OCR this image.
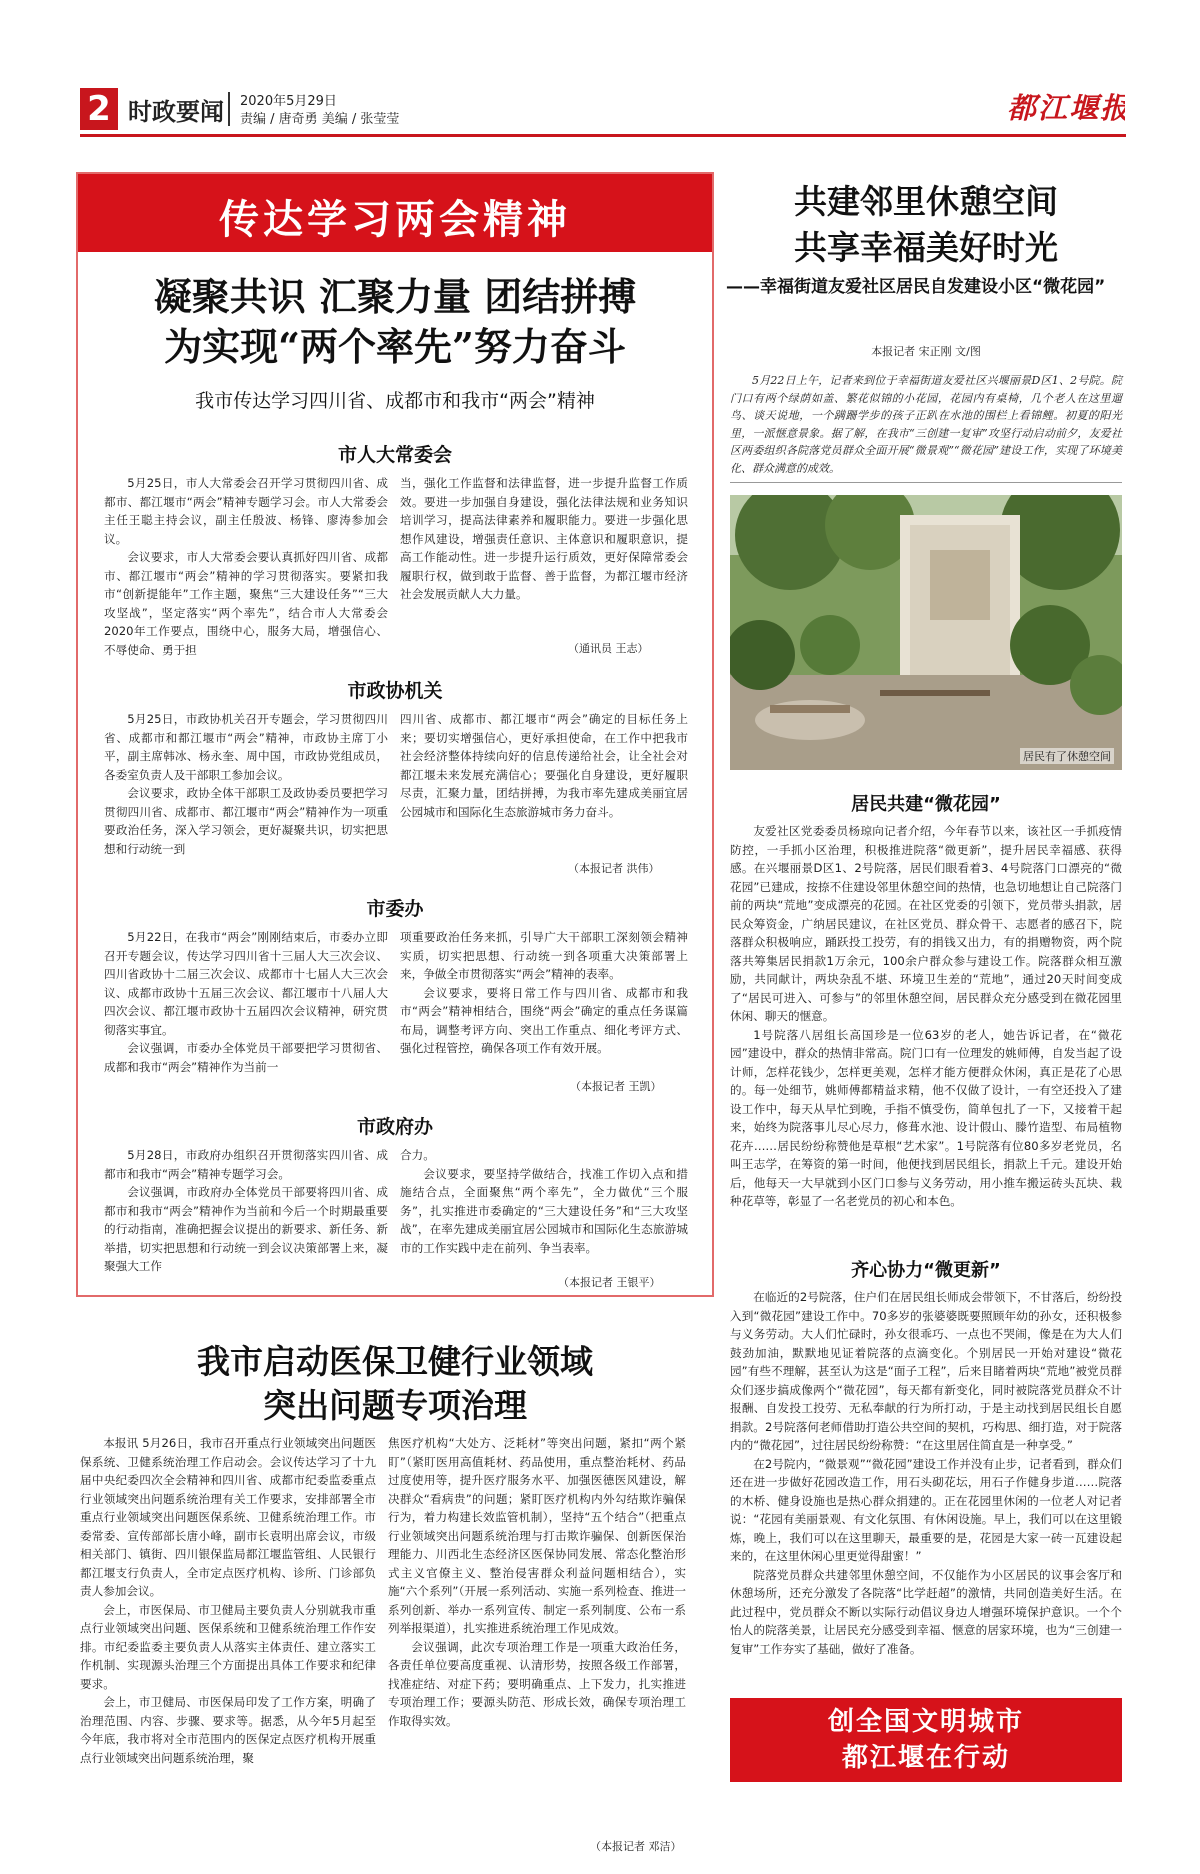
2 时政要闻 2020年5月29日
责编 / 唐奇勇 美编 / 张莹莹	都江堰报
传达学习两会精神
凝聚共识 汇聚力量 团结拼搏
为实现“两个率先”努力奋斗
我市传达学习四川省、成都市和我市“两会”精神
市人大常委会

5月25日，市人大常委会召开学习贯彻四川省、成都市、都江堰市“两会”精神专题学习会。市人大常委会主任王聪主持会议，副主任殷波、杨锋、廖涛参加会议。

会议要求，市人大常委会要认真抓好四川省、成都市、都江堰市“两会”精神的学习贯彻落实。要紧扣我市“创新提能年”工作主题，聚焦“三大建设任务”“三大攻坚战”，坚定落实“两个率先”，结合市人大常委会2020年工作要点，围绕中心，服务大局，增强信心、不辱使命、勇于担

当，强化工作监督和法律监督，进一步提升监督工作质效。要进一步加强自身建设，强化法律法规和业务知识培训学习，提高法律素养和履职能力。要进一步强化思想作风建设，增强责任意识、主体意识和履职意识，提高工作能动性。进一步提升运行质效，更好保障常委会履职行权，做到敢于监督、善于监督，为都江堰市经济社会发展贡献人大力量。

（通讯员 王志）
市政协机关

5月25日，市政协机关召开专题会，学习贯彻四川省、成都市和都江堰市“两会”精神，市政协主席丁小平，副主席韩冰、杨永奎、周中国，市政协党组成员，各委室负责人及干部职工参加会议。

会议要求，政协全体干部职工及政协委员要把学习贯彻四川省、成都市、都江堰市“两会”精神作为一项重要政治任务，深入学习领会，更好凝聚共识，切实把思想和行动统一到

四川省、成都市、都江堰市“两会”确定的目标任务上来；要切实增强信心，更好承担使命，在工作中把我市社会经济整体持续向好的信息传递给社会，让全社会对都江堰未来发展充满信心；要强化自身建设，更好履职尽责，汇聚力量，团结拼搏，为我市率先建成美丽宜居公园城市和国际化生态旅游城市务力奋斗。

（本报记者 洪伟）
市委办

5月22日，在我市“两会”刚刚结束后，市委办立即召开专题会议，传达学习四川省十三届人大三次会议、四川省政协十二届三次会议、成都市十七届人大三次会议、成都市政协十五届三次会议、都江堰市十八届人大四次会议、都江堰市政协十五届四次会议精神，研究贯彻落实事宜。

会议强调，市委办全体党员干部要把学习贯彻省、成都和我市“两会”精神作为当前一

项重要政治任务来抓，引导广大干部职工深刻领会精神实质，切实把思想、行动统一到各项重大决策部署上来，争做全市贯彻落实“两会”精神的表率。

会议要求，要将日常工作与四川省、成都市和我市“两会”精神相结合，围绕“两会”确定的重点任务谋篇布局，调整考评方向、突出工作重点、细化考评方式、强化过程管控，确保各项工作有效开展。

（本报记者 王凯）
市政府办

5月28日，市政府办组织召开贯彻落实四川省、成都市和我市“两会”精神专题学习会。

会议强调，市政府办全体党员干部要将四川省、成都市和我市“两会”精神作为当前和今后一个时期最重要的行动指南，准确把握会议提出的新要求、新任务、新举措，切实把思想和行动统一到会议决策部署上来，凝聚强大工作

合力。

会议要求，要坚持学做结合，找准工作切入点和措施结合点，全面聚焦“两个率先”，全力做优“三个服务”，扎实推进市委确定的“三大建设任务”和“三大攻坚战”，在率先建成美丽宜居公园城市和国际化生态旅游城市的工作实践中走在前列、争当表率。

（本报记者 王银平）
我市启动医保卫健行业领域
突出问题专项治理

本报讯 5月26日，我市召开重点行业领域突出问题医保系统、卫健系统治理工作启动会。会议传达学习了十九届中央纪委四次全会精神和四川省、成都市纪委监委重点行业领域突出问题系统治理有关工作要求，安排部署全市重点行业领域突出问题医保系统、卫健系统治理工作。市委常委、宣传部部长唐小峰，副市长袁明出席会议，市级相关部门、镇街、四川银保监局都江堰监管组、人民银行都江堰支行负责人，全市定点医疗机构、诊所、门诊部负责人参加会议。

会上，市医保局、市卫健局主要负责人分别就我市重点行业领域突出问题、医保系统和卫健系统治理工作作安排。市纪委监委主要负责人从落实主体责任、建立落实工作机制、实现源头治理三个方面提出具体工作要求和纪律要求。

会上，市卫健局、市医保局印发了工作方案，明确了治理范围、内容、步骤、要求等。据悉，从今年5月起至今年底，我市将对全市范围内的医保定点医疗机构开展重点行业领域突出问题系统治理，聚

焦医疗机构“大处方、泛耗材”等突出问题，紧扣“两个紧盯”（紧盯医用高值耗材、药品使用，重点整治耗材、药品过度使用等，提升医疗服务水平、加强医德医风建设，解决群众“看病贵”的问题；紧盯医疗机构内外勾结欺诈骗保行为，着力构建长效监管机制），坚持“五个结合”（把重点行业领域突出问题系统治理与打击欺诈骗保、创新医保治理能力、川西北生态经济区医保协同发展、常态化整治形式主义官僚主义、整治侵害群众利益问题相结合），实施“六个系列”（开展一系列活动、实施一系列检查、推进一系列创新、举办一系列宣传、制定一系列制度、公布一系列举报渠道），扎实推进系统治理工作见成效。

会议强调，此次专项治理工作是一项重大政治任务，各责任单位要高度重视、认清形势，按照各级工作部署，找准症结、对症下药；要明确重点、上下发力，扎实推进专项治理工作；要源头防范、形成长效，确保专项治理工作取得实效。

（本报记者 邓洁）
共建邻里休憩空间
共享幸福美好时光
——幸福街道友爱社区居民自发建设小区“微花园”
本报记者 宋正刚 文/图
5月22日上午，记者来到位于幸福街道友爱社区兴堰丽景D区1、2号院。院门口有两个绿荫如盖、繁花似锦的小花园，花园内有桌椅，几个老人在这里遛鸟、谈天说地，一个蹒跚学步的孩子正趴在水池的围栏上看锦鲤。初夏的阳光里，一派惬意景象。据了解，在我市“三创建一复审”攻坚行动启动前夕，友爱社区两委组织各院落党员群众全面开展“微景观”“微花园”建设工作，实现了环境美化、群众满意的成效。
居民有了休憩空间
居民共建“微花园”

友爱社区党委委员杨琼向记者介绍，今年春节以来，该社区一手抓疫情防控，一手抓小区治理，积极推进院落“微更新”，提升居民幸福感、获得感。在兴堰丽景D区1、2号院落，居民们眼看着3、4号院落门口漂亮的“微花园”已建成，按捺不住建设邻里休憩空间的热情，也急切地想让自己院落门前的两块“荒地”变成漂亮的花园。在社区党委的引领下，党员带头捐款，居民众筹资金，广纳居民建议，在社区党员、群众骨干、志愿者的感召下，院落群众积极响应，踊跃投工投劳，有的捐钱又出力，有的捐赠物资，两个院落共筹集居民捐款1万余元，100余户群众参与建设工作。院落群众相互激励，共同献计，两块杂乱不堪、环境卫生差的“荒地”，通过20天时间变成了“居民可进入、可参与”的邻里休憩空间，居民群众充分感受到在微花园里休闲、聊天的惬意。

1号院落八居组长高国珍是一位63岁的老人，她告诉记者，在“微花园”建设中，群众的热情非常高。院门口有一位理发的姚师傅，自发当起了设计师，怎样花钱少，怎样更美观，怎样才能方便群众休闲，真正是花了心思的。每一处细节，姚师傅都精益求精，他不仅做了设计，一有空还投入了建设工作中，每天从早忙到晚，手指不慎受伤，简单包扎了一下，又接着干起来，始终为院落事儿尽心尽力，修葺水池、设计假山、滕竹造型、布局植物花卉……居民纷纷称赞他是草根“艺术家”。1号院落有位80多岁老党员，名叫王志学，在筹资的第一时间，他便找到居民组长，捐款上千元。建设开始后，他每天一大早就到小区门口参与义务劳动，用小推车搬运砖头瓦块、栽种花草等，彰显了一名老党员的初心和本色。

齐心协力“微更新”

在临近的2号院落，住户们在居民组长师成会带领下，不甘落后，纷纷投入到“微花园”建设工作中。70多岁的张婆婆既要照顾年幼的孙女，还积极参与义务劳动。大人们忙碌时，孙女很乖巧、一点也不哭闹，像是在为大人们鼓劲加油，默默地见证着院落的点滴变化。个别居民一开始对建设“微花园”有些不理解，甚至认为这是“面子工程”，后来目睹着两块“荒地”被党员群众们逐步搞成像两个“微花园”，每天都有新变化，同时被院落党员群众不计报酬、自发投工投劳、无私奉献的行为所打动，于是主动找到居民组长自愿捐款。2号院落何老师借助打造公共空间的契机，巧构思、细打造，对于院落内的“微花园”，过往居民纷纷称赞：“在这里居住简直是一种享受。”

在2号院内，“微景观”“微花园”建设工作并没有止步，记者看到，群众们还在进一步做好花园改造工作，用石头砌花坛，用石子作健身步道……院落的木桥、健身设施也是热心群众捐建的。正在花园里休闲的一位老人对记者说：“花园有美丽景观、有文化氛围、有休闲设施。早上，我们可以在这里锻炼，晚上，我们可以在这里聊天，最重要的是，花园是大家一砖一瓦建设起来的，在这里休闲心里更觉得甜蜜！”

院落党员群众共建邻里休憩空间，不仅能作为小区居民的议事会客厅和休憩场所，还充分激发了各院落“比学赶超”的激情，共同创造美好生活。在此过程中，党员群众不断以实际行动倡议身边人增强环境保护意识。一个个怡人的院落美景，让居民充分感受到幸福、惬意的居家环境，也为“三创建一复审”工作夯实了基础，做好了准备。

创全国文明城市
都江堰在行动
